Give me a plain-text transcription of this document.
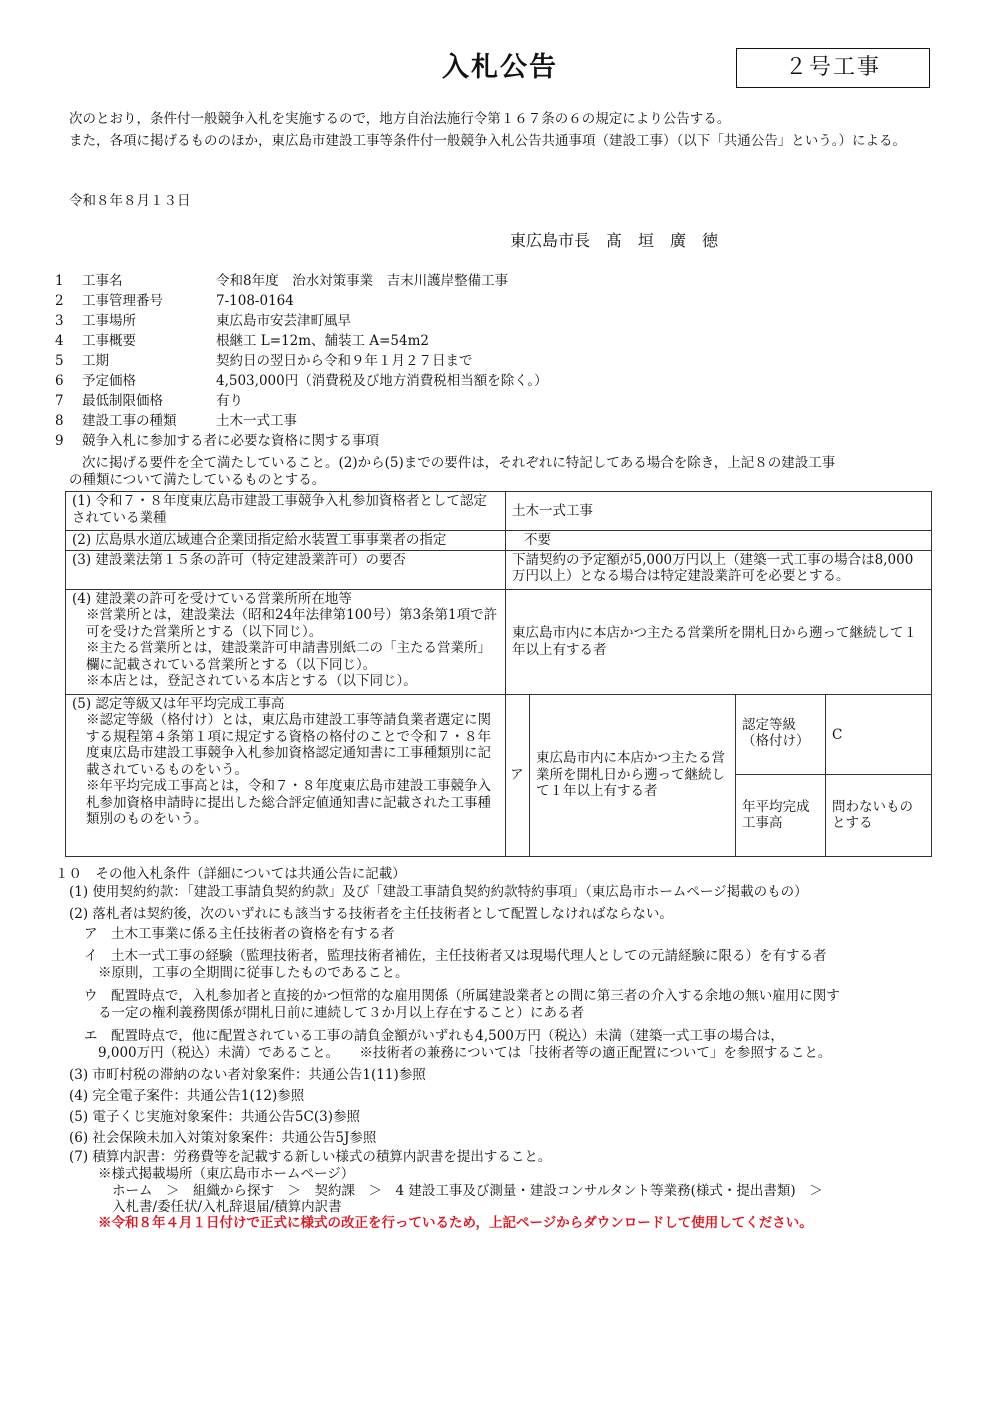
入札公告	２号工事
次のとおり，条件付一般競争入札を実施するので，地方自治法施行令第１６７条の６の規定により公告する。
また，各項に掲げるもののほか，東広島市建設工事等条件付一般競争入札公告共通事項（建設工事）（以下「共通公告」という。）による。
令和８年８月１３日
東広島市長　髙　垣　廣　徳
1 工事名	令和8年度　治水対策事業　吉末川護岸整備工事
2 工事管理番号	7-108-0164
3 工事場所	東広島市安芸津町風早
4 工事概要	根継工 L=12m、舗装工 A=54m2
5 工期	契約日の翌日から令和９年１月２７日まで
6 予定価格	4,503,000円（消費税及び地方消費税相当額を除く。）
7 最低制限価格	有り
8 建設工事の種類	土木一式工事
9 競争入札に参加する者に必要な資格に関する事項
次に掲げる要件を全て満たしていること。(2)から(5)までの要件は，それぞれに特記してある場合を除き，上記８の建設工事
の種類について満たしているものとする。
(1) 令和７・８年度東広島市建設工事競争入札参加資格者として認定されている業種	土木一式工事			
(2) 広島県水道広域連合企業団指定給水装置工事事業者の指定	不要			
(3) 建設業法第１５条の許可（特定建設業許可）の要否	下請契約の予定額が5,000万円以上（建築一式工事の場合は8,000万円以上）となる場合は特定建設業許可を必要とする。			

(4) 建設業の許可を受けている営業所所在地等
※営業所とは，建設業法（昭和24年法律第100号）第3条第1項で許可を受けた営業所とする（以下同じ）。
※主たる営業所とは，建設業許可申請書別紙二の「主たる営業所」欄に記載されている営業所とする（以下同じ）。
※本店とは，登記されている本店とする（以下同じ）。	東広島市内に本店かつ主たる営業所を開札日から遡って継続して１年以上有する者			

(5) 認定等級又は年平均完成工事高
※認定等級（格付け）とは，東広島市建設工事等請負業者選定に関する規程第４条第１項に規定する資格の格付のことで令和７・８年度東広島市建設工事競争入札参加資格認定通知書に工事種類別に記載されているものをいう。
※年平均完成工事高とは，令和７・８年度東広島市建設工事競争入札参加資格申請時に提出した総合評定値通知書に記載された工事種類別のものをいう。	ア	東広島市内に本店かつ主たる営業所を開札日から遡って継続して１年以上有する者	認定等級（格付け）	C
			年平均完成工事高	問わないものとする
１０　その他入札条件（詳細については共通公告に記載）
(1) 使用契約約款：「建設工事請負契約約款」及び「建設工事請負契約約款特約事項」（東広島市ホームページ掲載のもの）
(2) 落札者は契約後，次のいずれにも該当する技術者を主任技術者として配置しなければならない。
ア　土木工事業に係る主任技術者の資格を有する者
イ　土木一式工事の経験（監理技術者，監理技術者補佐，主任技術者又は現場代理人としての元請経験に限る）を有する者
※原則，工事の全期間に従事したものであること。
ウ　配置時点で，入札参加者と直接的かつ恒常的な雇用関係（所属建設業者との間に第三者の介入する余地の無い雇用に関す
る一定の権利義務関係が開札日前に連続して３か月以上存在すること）にある者
エ　配置時点で，他に配置されている工事の請負金額がいずれも4,500万円（税込）未満（建築一式工事の場合は，
9,000万円（税込）未満）であること。　　※技術者の兼務については「技術者等の適正配置について」を参照すること。
(3) 市町村税の滞納のない者対象案件：共通公告1(11)参照
(4) 完全電子案件：共通公告1(12)参照
(5) 電子くじ実施対象案件：共通公告5C(3)参照
(6) 社会保険未加入対策対象案件：共通公告5J参照
(7) 積算内訳書：労務費等を記載する新しい様式の積算内訳書を提出すること。
※様式掲載場所（東広島市ホームページ）
ホーム　＞　組織から探す　＞　契約課　＞　4 建設工事及び測量・建設コンサルタント等業務(様式・提出書類)　＞
入札書/委任状/入札辞退届/積算内訳書
※令和８年４月１日付けで正式に様式の改正を行っているため，上記ページからダウンロードして使用してください。
